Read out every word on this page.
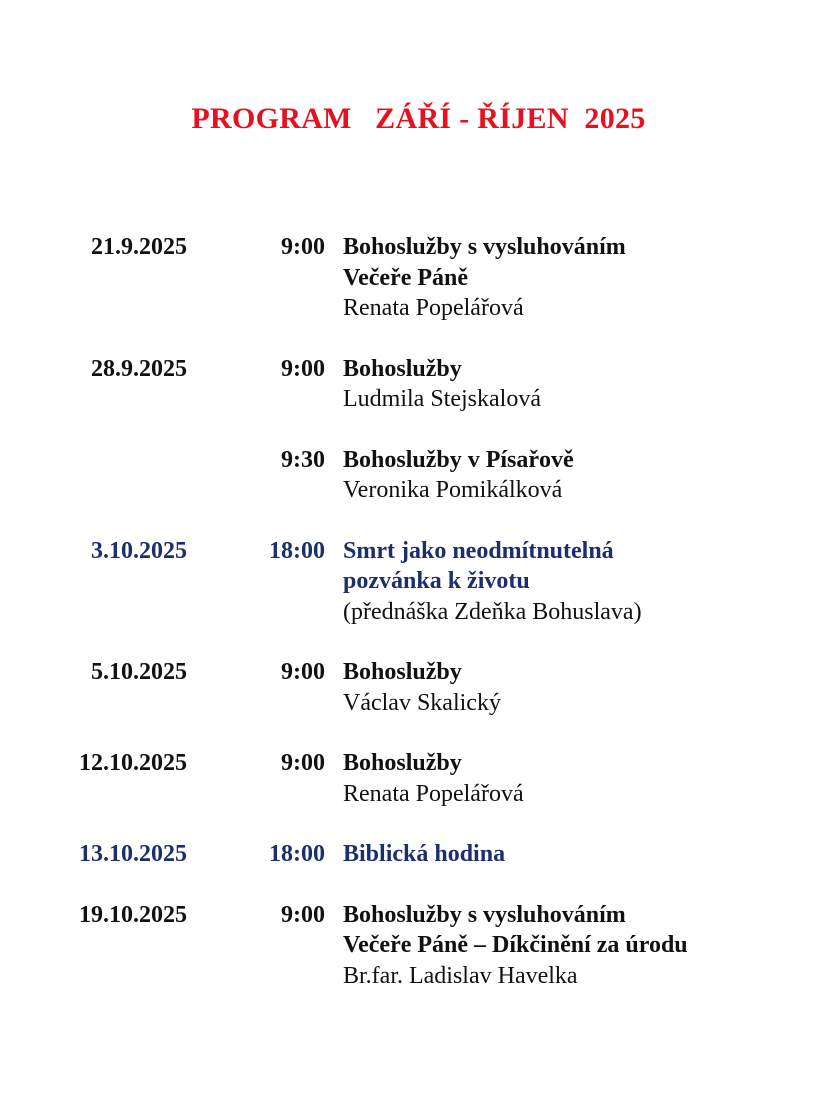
PROGRAM   ZÁŘÍ - ŘÍJEN  2025
21.9.2025	9:00 Bohoslužby s vysluhováním
Večeře Páně
Renata Popelářová
28.9.2025	9:00 Bohoslužby
Ludmila Stejskalová
9:30 Bohoslužby v Písařově
Veronika Pomikálková
3.10.2025	18:00 Smrt jako neodmítnutelná
pozvánka k životu
(přednáška Zdeňka Bohuslava)
5.10.2025	9:00 Bohoslužby
Václav Skalický
12.10.2025	9:00 Bohoslužby
Renata Popelářová
13.10.2025	18:00 Biblická hodina
19.10.2025	9:00 Bohoslužby s vysluhováním
Večeře Páně – Díkčinění za úrodu
Br.far. Ladislav Havelka
